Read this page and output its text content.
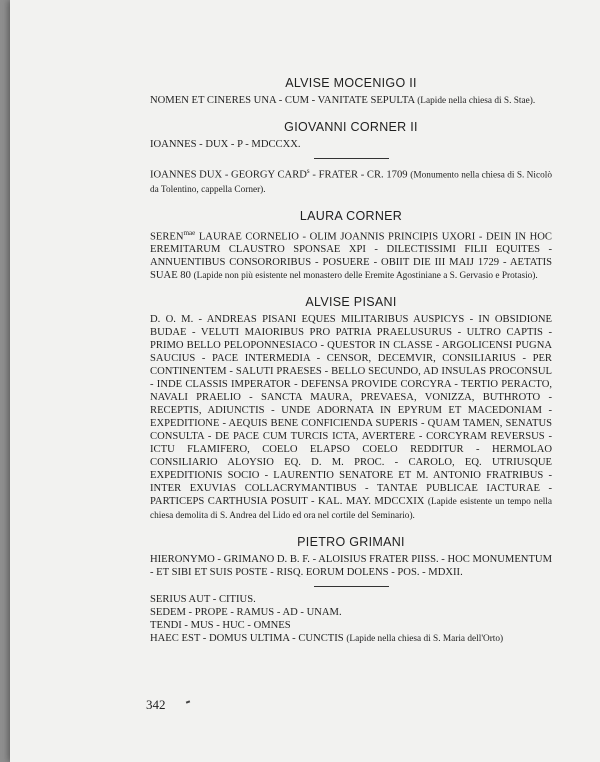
ALVISE MOCENIGO II

NOMEN ET CINERES UNA - CUM - VANITATE SEPULTA (Lapide nella chiesa di S. Stae).

GIOVANNI CORNER II

IOANNES - DUX - P - MDCCXX.

IOANNES DUX - GEORGY CARD$^s$ - FRATER - CR. 1709 (Monumento nella chiesa di S. Nicolò da Tolentino, cappella Corner).

LAURA CORNER

$SEREN^{mae}$ LAURAE CORNELIO - OLIM JOANNIS PRINCIPIS UXORI - DEIN IN HOC EREMITARUM CLAUSTRO SPONSAE XPI - DILECTISSIMI FILII EQUITES - ANNUENTIBUS CONSORORIBUS - POSUERE - OBIIT DIE III MAIJ 1729 - AETATIS SUAE 80 (Lapide non più esistente nel monastero delle Eremite Agostiniane a S. Gervasio e Protasio).

ALVISE PISANI

D. O. M. - ANDREAS PISANI EQUES MILITARIBUS AUSPICYS - IN OBSIDIONE BUDAE - VELUTI MAIORIBUS PRO PATRIA PRAELUSURUS - ULTRO CAPTIS - PRIMO BELLO PELOPONNESIACO - QUESTOR IN CLASSE - ARGOLICENSI PUGNA SAUCIUS - PACE INTERMEDIA - CENSOR, DECEMVIR, CONSILIARIUS - PER CONTINENTEM - SALUTI PRAESES - BELLO SECUNDO, AD INSULAS PROCONSUL - INDE CLASSIS IMPERATOR - DEFENSA PROVIDE CORCYRA - TERTIO PERACTO, NAVALI PRAELIO - SANCTA MAURA, PREVAESA, VONIZZA, BUTHROTO - RECEPTIS, ADIUNCTIS - UNDE ADORNATA IN EPYRUM ET MACEDONIAM - EXPEDITIONE - AEQUIS BENE CONFICIENDA SUPERIS - QUAM TAMEN, SENATUS CONSULTA - DE PACE CUM TURCIS ICTA, AVERTERE - CORCYRAM REVERSUS - ICTU FLAMIFERO, COELO ELAPSO COELO REDDITUR - HERMOLAO CONSILIARIO ALOYSIO EQ. D. M. PROC. - CAROLO, EQ. UTRIUSQUE EXPEDITIONIS SOCIO - LAURENTIO SENATORE ET M. ANTONIO FRATRIBUS - INTER EXUVIAS COLLACRYMANTIBUS - TANTAE PUBLICAE IACTURAE - PARTICEPS CARTHUSIA POSUIT - KAL. MAY. MDCCXIX (Lapide esistente un tempo nella chiesa demolita di S. Andrea del Lido ed ora nel cortile del Seminario).

PIETRO GRIMANI

HIERONYMO - GRIMANO D. B. F. - ALOISIUS FRATER PIISS. - HOC MONUMENTUM - ET SIBI ET SUIS POSTE - RISQ. EORUM DOLENS - POS. - MDXII.

SERIUS AUT - CITIUS.

SEDEM - PROPE - RAMUS - AD - UNAM.

TENDI - MUS - HUC - OMNES

HAEC EST - DOMUS ULTIMA - CUNCTIS (Lapide nella chiesa di S. Maria dell'Orto)

342
